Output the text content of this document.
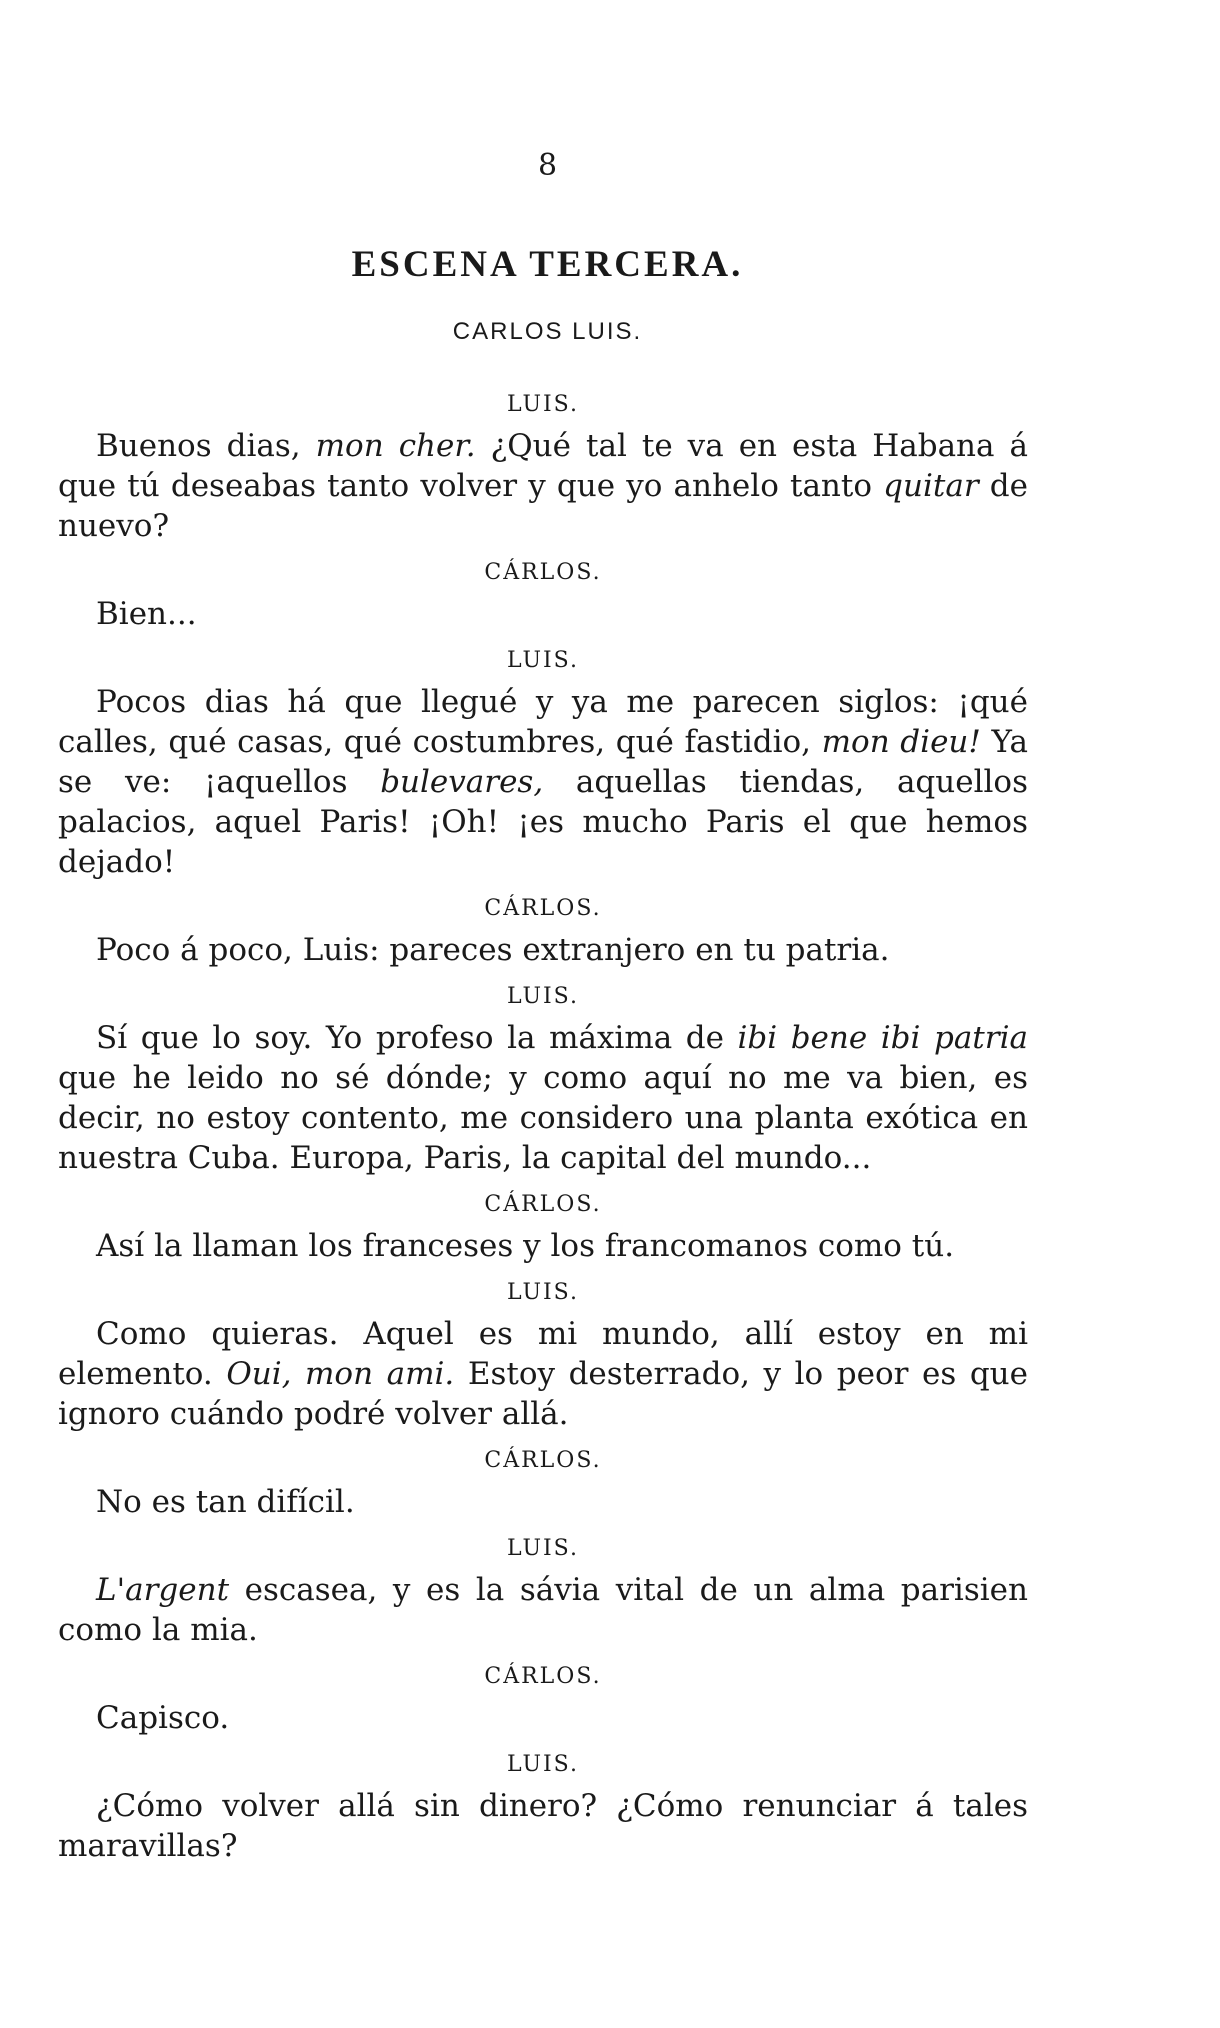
8
ESCENA TERCERA.
CARLOS LUIS.
LUIS.

Buenos dias, mon cher. ¿Qué tal te va en esta Habana á que tú deseabas tanto volver y que yo anhelo tanto quitar de nuevo?

CÁRLOS.

Bien...

LUIS.

Pocos dias há que llegué y ya me parecen siglos: ¡qué calles, qué casas, qué costumbres, qué fastidio, mon dieu! Ya se ve: ¡aquellos bulevares, aquellas tiendas, aquellos palacios, aquel Paris! ¡Oh! ¡es mucho Paris el que hemos dejado!

CÁRLOS.

Poco á poco, Luis: pareces extranjero en tu patria.

LUIS.

Sí que lo soy. Yo profeso la máxima de ibi bene ibi patria que he leido no sé dónde; y como aquí no me va bien, es decir, no estoy contento, me considero una planta exótica en nuestra Cuba. Europa, Paris, la capital del mundo...

CÁRLOS.

Así la llaman los franceses y los francomanos como tú.

LUIS.

Como quieras. Aquel es mi mundo, allí estoy en mi elemento. Oui, mon ami. Estoy desterrado, y lo peor es que ignoro cuándo podré volver allá.

CÁRLOS.

No es tan difícil.

LUIS.

L'argent escasea, y es la sávia vital de un alma parisien como la mia.

CÁRLOS.

Capisco.

LUIS.

¿Cómo volver allá sin dinero? ¿Cómo renunciar á tales maravillas?
